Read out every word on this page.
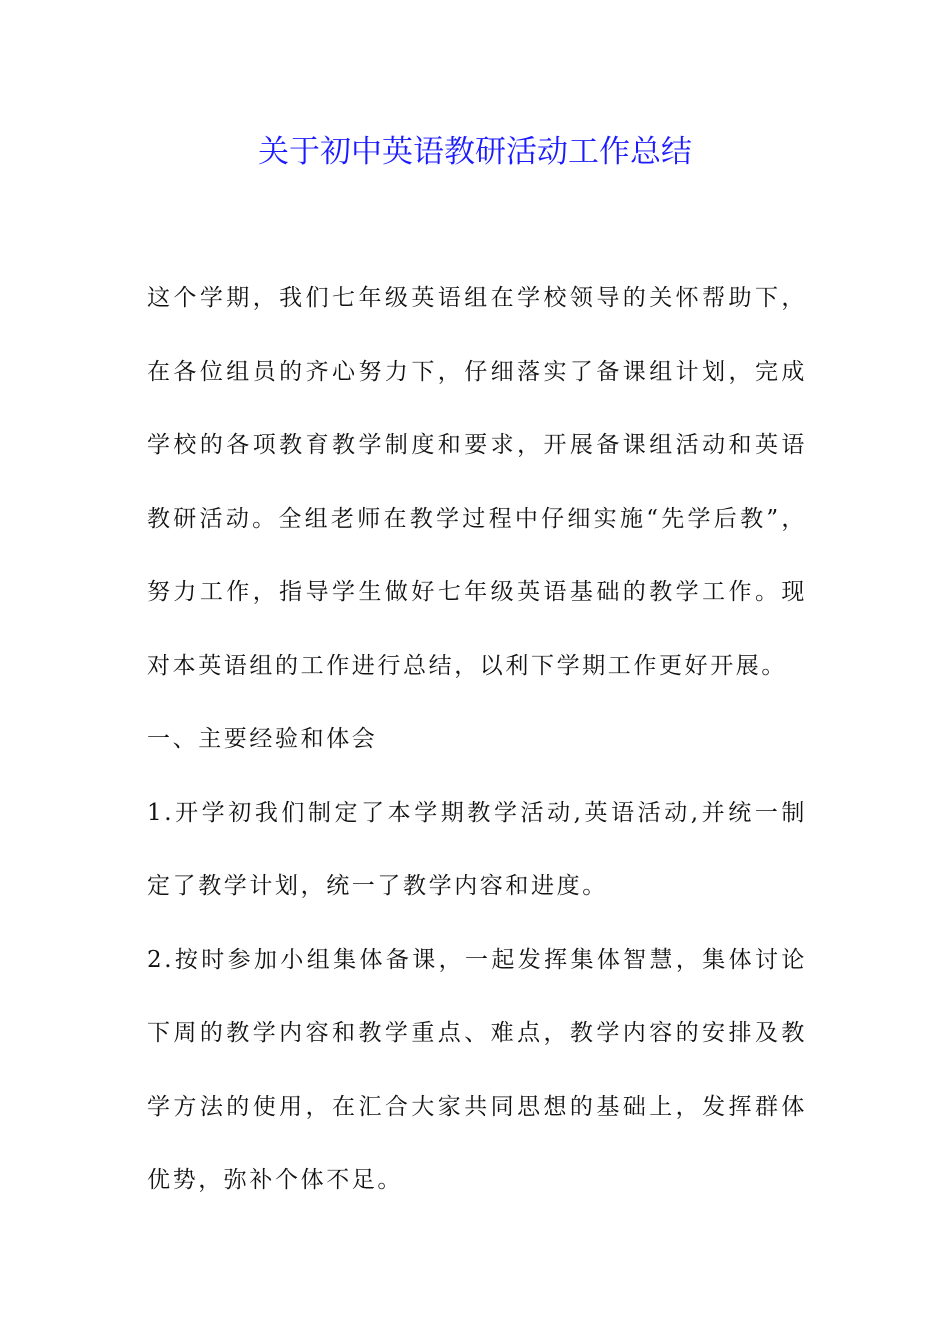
关于初中英语教研活动工作总结

这个学期，我们七年级英语组在学校领导的关怀帮助下，在各位组员的齐心努力下，仔细落实了备课组计划，完成学校的各项教育教学制度和要求，开展备课组活动和英语教研活动。全组老师在教学过程中仔细实施“先学后教”，努力工作，指导学生做好七年级英语基础的教学工作。现对本英语组的工作进行总结，以利下学期工作更好开展。

一、主要经验和体会

1.开学初我们制定了本学期教学活动,英语活动,并统一制定了教学计划，统一了教学内容和进度。

2.按时参加小组集体备课，一起发挥集体智慧，集体讨论下周的教学内容和教学重点、难点，教学内容的安排及教学方法的使用，在汇合大家共同思想的基础上，发挥群体优势，弥补个体不足。
